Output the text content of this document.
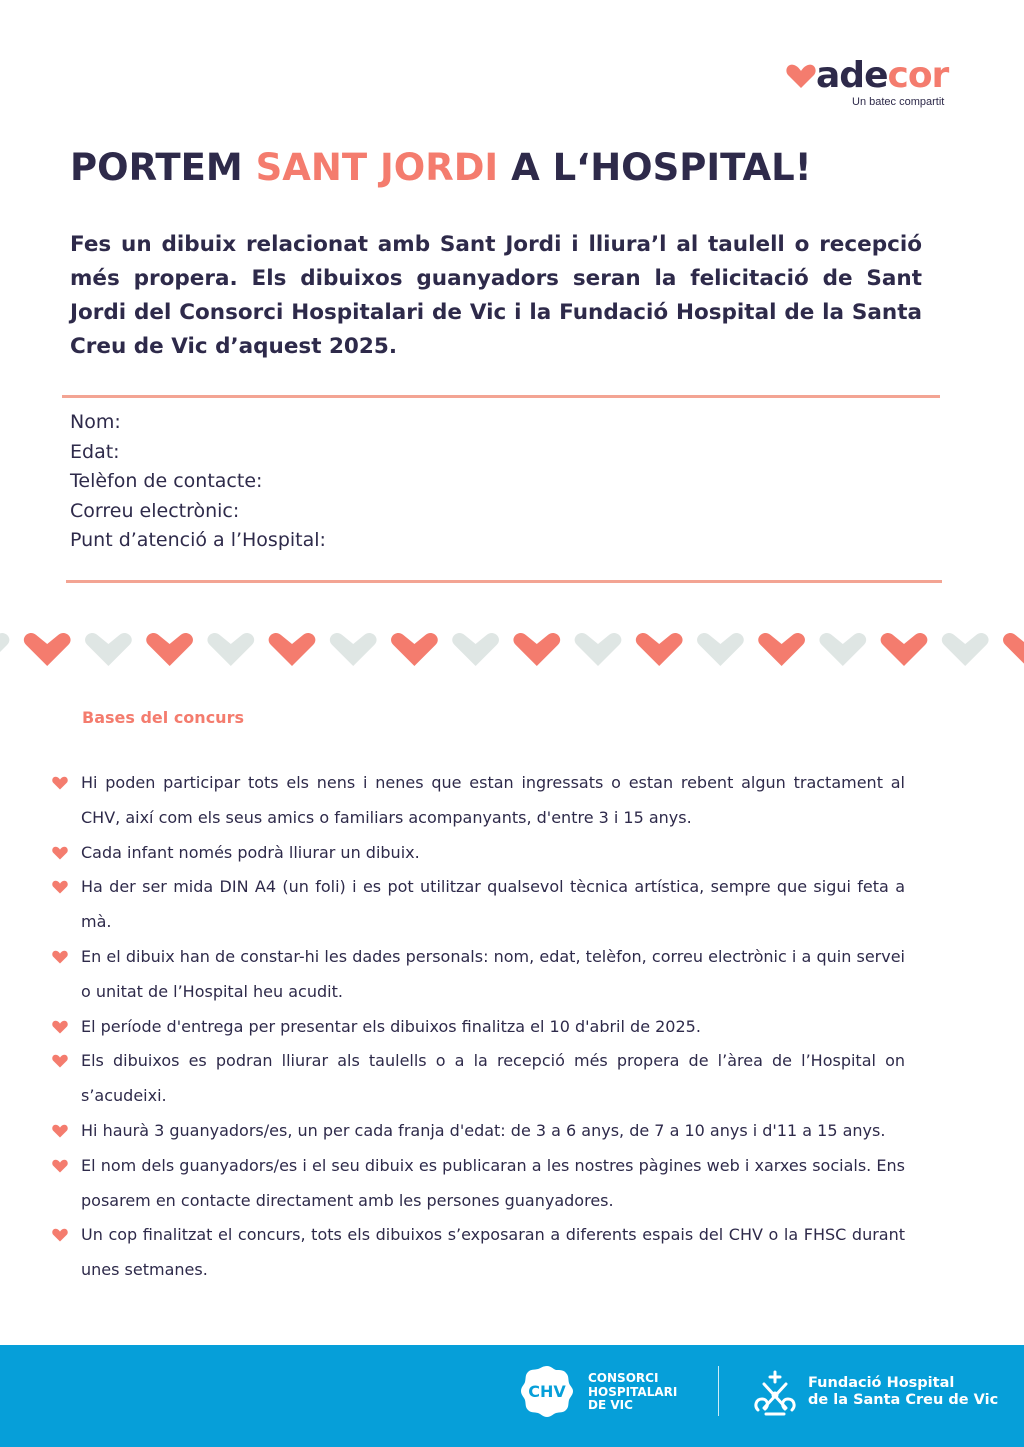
adecor
Un batec compartit
PORTEM SANT JORDI A L‘HOSPITAL!
Fes un dibuix relacionat amb Sant Jordi i lliura’l al taulell o recepció més propera. Els dibuixos guanyadors seran la felicitació de Sant Jordi del Consorci Hospitalari de Vic i la Fundació Hospital de la Santa Creu de Vic d’aquest 2025.
Nom:
Edat:
Telèfon de contacte:
Correu electrònic:
Punt d’atenció a l’Hospital:
Bases del concurs
Hi poden participar tots els nens i nenes que estan ingressats o estan rebent algun tractament al CHV, així com els seus amics o familiars acompanyants, d'entre 3 i 15 anys.
Cada infant només podrà lliurar un dibuix.
Ha der ser mida DIN A4 (un foli) i es pot utilitzar qualsevol tècnica artística, sempre que sigui feta a mà.
En el dibuix han de constar-hi les dades personals: nom, edat, telèfon, correu electrònic i a quin servei o unitat de l’Hospital heu acudit.
El període d'entrega per presentar els dibuixos finalitza el 10 d'abril de 2025.
Els dibuixos es podran lliurar als taulells o a la recepció més propera de l’àrea de l’Hospital on s’acudeixi.
Hi haurà 3 guanyadors/es, un per cada franja d'edat: de 3 a 6 anys, de 7 a 10 anys i d'11 a 15 anys.
El nom dels guanyadors/es i el seu dibuix es publicaran a les nostres pàgines web i xarxes socials. Ens posarem en contacte directament amb les persones guanyadores.
Un cop finalitzat el concurs, tots els dibuixos s’exposaran a diferents espais del CHV o la FHSC durant unes setmanes.
CHV
CONSORCI
HOSPITALARI
DE VIC
Fundació Hospital
de la Santa Creu de Vic
